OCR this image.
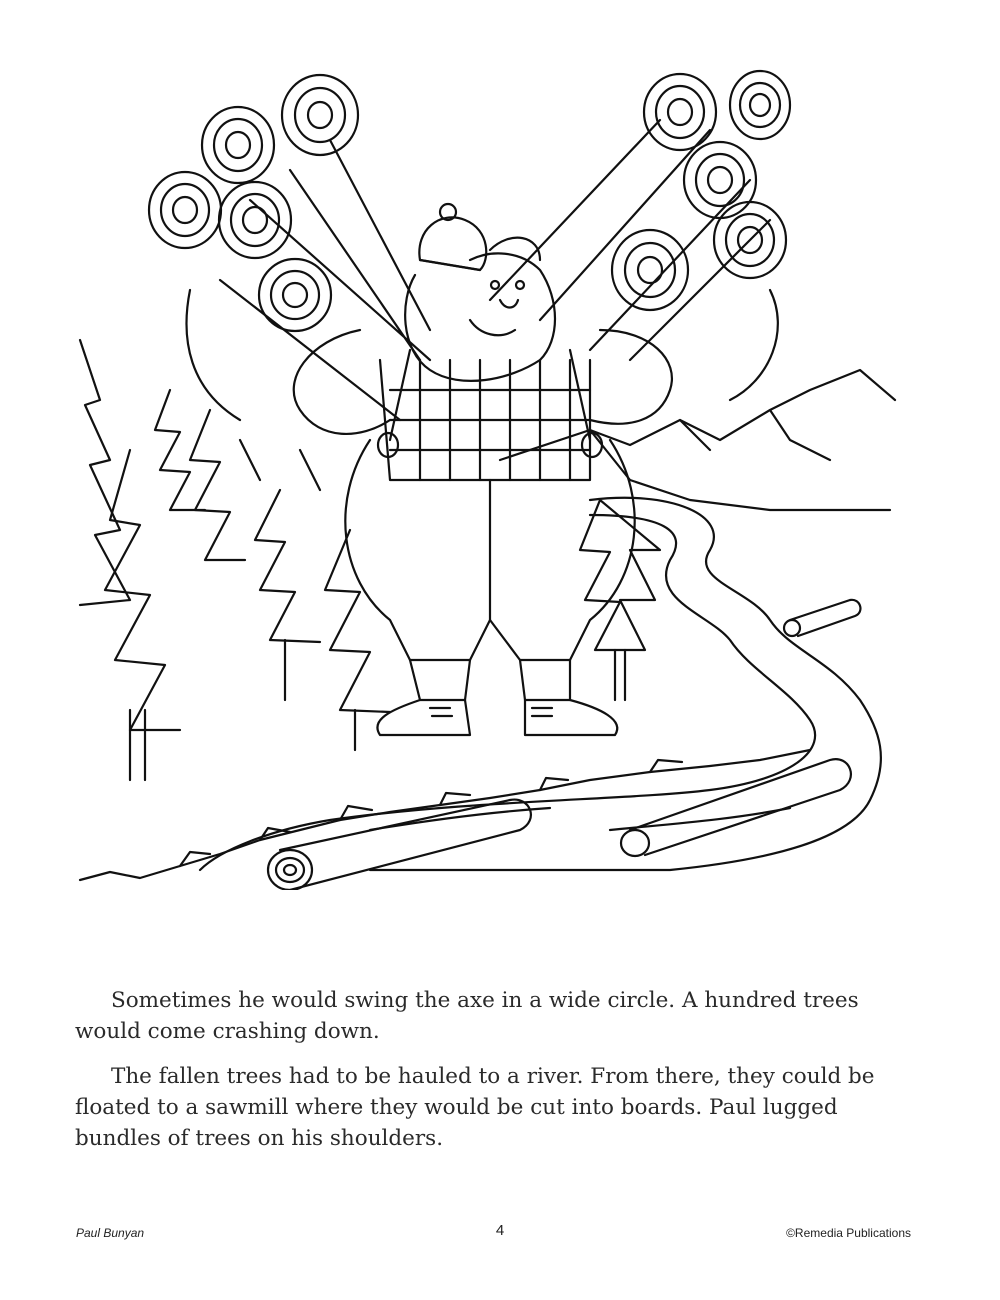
Sometimes he would swing the axe in a wide circle. A hundred trees would come crashing down.

The fallen trees had to be hauled to a river. From there, they could be floated to a sawmill where they would be cut into boards. Paul lugged bundles of trees on his shoulders.

Paul Bunyan	4	©Remedia Publications
